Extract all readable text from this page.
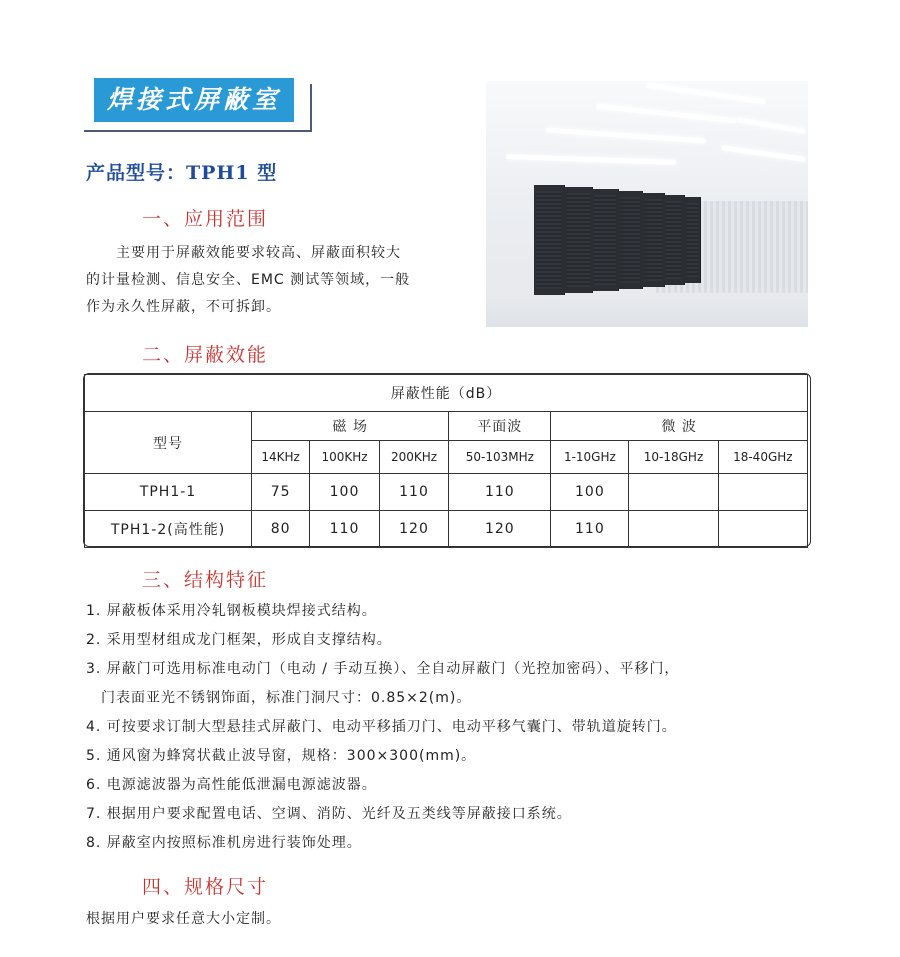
焊接式屏蔽室
产品型号：TPH1 型
一、应用范围
　　主要用于屏蔽效能要求较高、屏蔽面积较大
的计量检测、信息安全、EMC 测试等领域，一般
作为永久性屏蔽，不可拆卸。
二、屏蔽效能
屏蔽性能（dB）							
型号	磁 场			平面波	微 波		
	14KHz	100KHz	200KHz	50-103MHz	1-10GHz	10-18GHz	18-40GHz
TPH1-1	75	100	110	110	100		
TPH1-2(高性能)	80	110	120	120	110		
三、结构特征
1. 屏蔽板体采用冷轧钢板模块焊接式结构。
2. 采用型材组成龙门框架，形成自支撑结构。
3. 屏蔽门可选用标准电动门（电动 / 手动互换）、全自动屏蔽门（光控加密码）、平移门，
门表面亚光不锈钢饰面，标准门洞尺寸：0.85×2(m)。
4. 可按要求订制大型悬挂式屏蔽门、电动平移插刀门、电动平移气囊门、带轨道旋转门。
5. 通风窗为蜂窝状截止波导窗，规格：300×300(mm)。
6. 电源滤波器为高性能低泄漏电源滤波器。
7. 根据用户要求配置电话、空调、消防、光纤及五类线等屏蔽接口系统。
8. 屏蔽室内按照标准机房进行装饰处理。
四、规格尺寸
根据用户要求任意大小定制。
